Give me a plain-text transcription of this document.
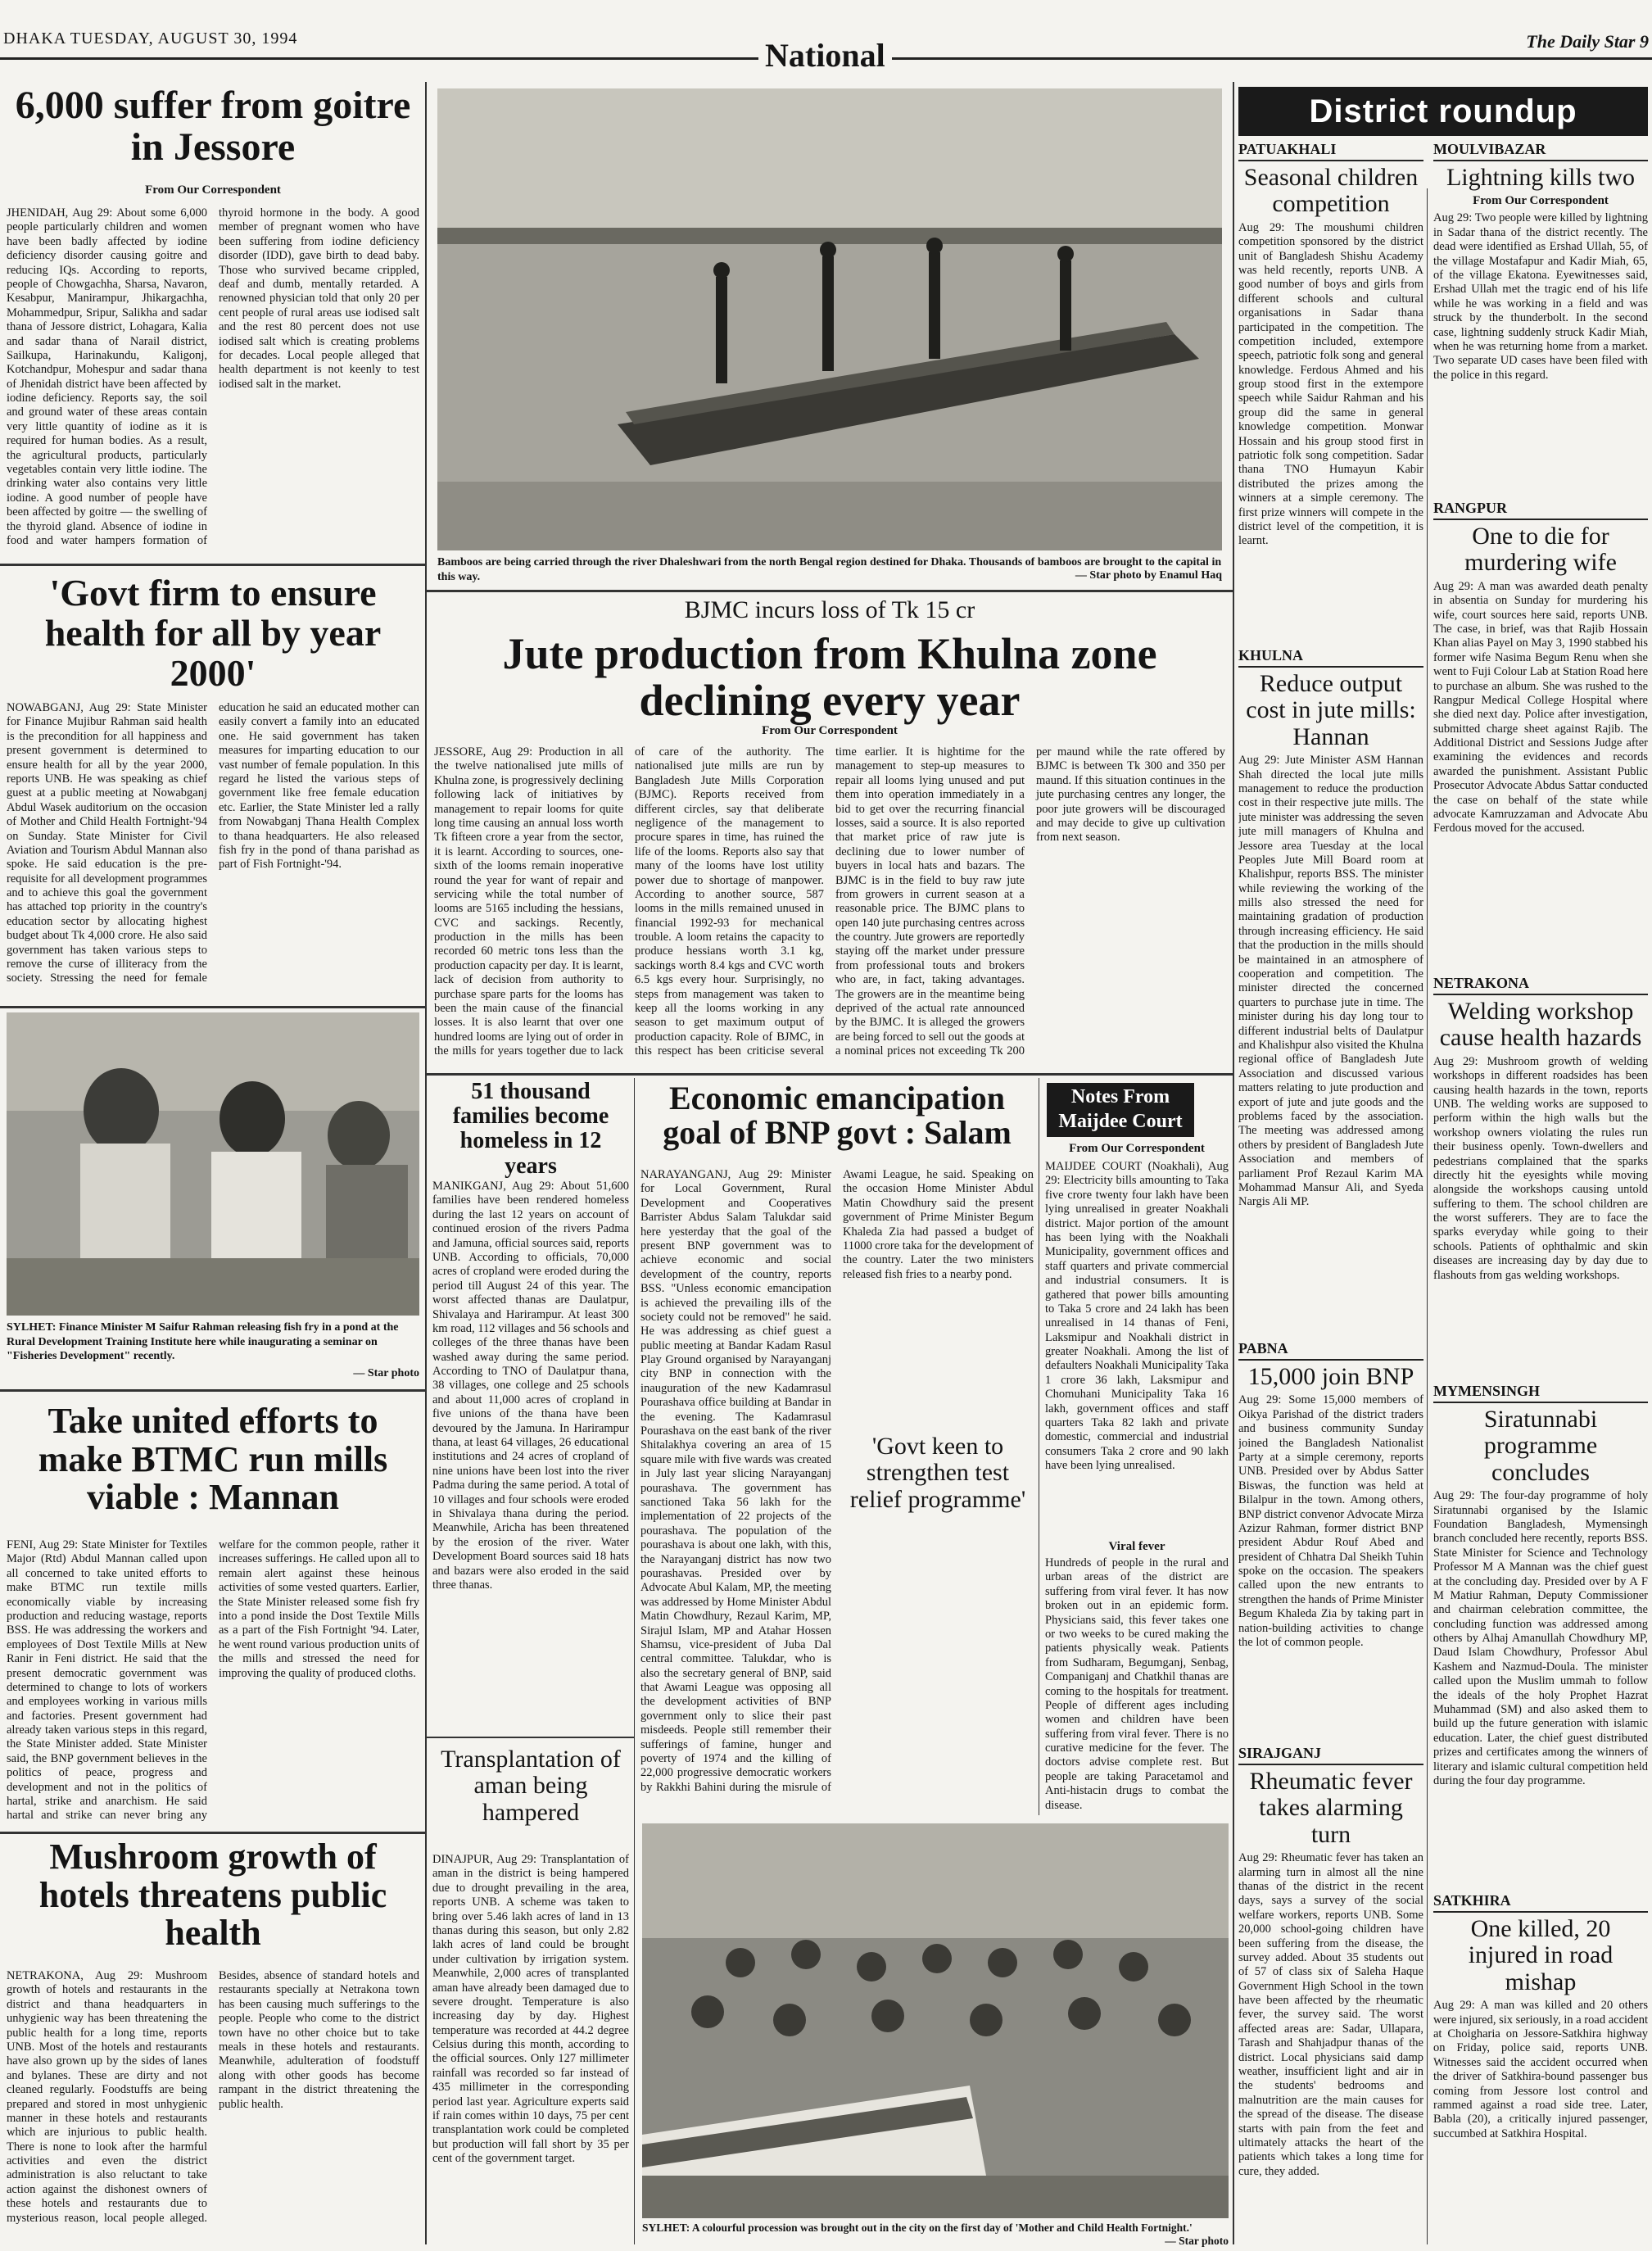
DHAKA TUESDAY, AUGUST 30, 1994	National	The Daily Star 9
6,000 suffer from goitre in Jessore
From Our Correspondent
JHENIDAH, Aug 29: About some 6,000 people particularly children and women have been badly affected by iodine deficiency disorder causing goitre and reducing IQs. According to reports, people of Chowgachha, Sharsa, Navaron, Kesabpur, Manirampur, Jhikargachha, Mohammedpur, Sripur, Salikha and sadar thana of Jessore district, Lohagara, Kalia and sadar thana of Narail district, Sailkupa, Harinakundu, Kaligonj, Kotchandpur, Mohespur and sadar thana of Jhenidah district have been affected by iodine deficiency. Reports say, the soil and ground water of these areas contain very little quantity of iodine as it is required for human bodies. As a result, the agricultural products, particularly vegetables contain very little iodine. The drinking water also contains very little iodine. A good number of people have been affected by goitre — the swelling of the thyroid gland. Absence of iodine in food and water hampers formation of thyroid hormone in the body. A good member of pregnant women who have been suffering from iodine deficiency disorder (IDD), gave birth to dead baby. Those who survived became crippled, deaf and dumb, mentally retarded. A renowned physician told that only 20 per cent people of rural areas use iodised salt and the rest 80 percent does not use iodised salt which is creating problems for decades. Local people alleged that health department is not keenly to test iodised salt in the market.
'Govt firm to ensure health for all by year 2000'
NOWABGANJ, Aug 29: State Minister for Finance Mujibur Rahman said health is the precondition for all happiness and present government is determined to ensure health for all by the year 2000, reports UNB. He was speaking as chief guest at a public meeting at Nowabganj Abdul Wasek auditorium on the occasion of Mother and Child Health Fortnight-'94 on Sunday. State Minister for Civil Aviation and Tourism Abdul Mannan also spoke. He said education is the pre-requisite for all development programmes and to achieve this goal the government has attached top priority in the country's education sector by allocating highest budget about Tk 4,000 crore. He also said government has taken various steps to remove the curse of illiteracy from the society. Stressing the need for female education he said an educated mother can easily convert a family into an educated one. He said government has taken measures for imparting education to our vast number of female population. In this regard he listed the various steps of government like free female education etc. Earlier, the State Minister led a rally from Nowabganj Thana Health Complex to thana headquarters. He also released fish fry in the pond of thana parishad as part of Fish Fortnight-'94.
SYLHET: Finance Minister M Saifur Rahman releasing fish fry in a pond at the Rural Development Training Institute here while inaugurating a seminar on "Fisheries Development" recently.
— Star photo
Take united efforts to make BTMC run mills viable : Mannan
FENI, Aug 29: State Minister for Textiles Major (Rtd) Abdul Mannan called upon all concerned to take united efforts to make BTMC run textile mills economically viable by increasing production and reducing wastage, reports BSS. He was addressing the workers and employees of Dost Textile Mills at New Ranir in Feni district. He said that the present democratic government was determined to change to lots of workers and employees working in various mills and factories. Present government had already taken various steps in this regard, the State Minister added. State Minister said, the BNP government believes in the politics of peace, progress and development and not in the politics of hartal, strike and anarchism. He said hartal and strike can never bring any welfare for the common people, rather it increases sufferings. He called upon all to remain alert against these heinous activities of some vested quarters. Earlier, the State Minister released some fish fry into a pond inside the Dost Textile Mills as a part of the Fish Fortnight '94. Later, he went round various production units of the mills and stressed the need for improving the quality of produced cloths.
Mushroom growth of hotels threatens public health
NETRAKONA, Aug 29: Mushroom growth of hotels and restaurants in the district and thana headquarters in unhygienic way has been threatening the public health for a long time, reports UNB. Most of the hotels and restaurants have also grown up by the sides of lanes and bylanes. These are dirty and not cleaned regularly. Foodstuffs are being prepared and stored in most unhygienic manner in these hotels and restaurants which are injurious to public health. There is none to look after the harmful activities and even the district administration is also reluctant to take action against the dishonest owners of these hotels and restaurants due to mysterious reason, local people alleged. Besides, absence of standard hotels and restaurants specially at Netrakona town has been causing much sufferings to the people. People who come to the district town have no other choice but to take meals in these hotels and restaurants. Meanwhile, adulteration of foodstuff along with other goods has become rampant in the district threatening the public health.
Bamboos are being carried through the river Dhaleshwari from the north Bengal region destined for Dhaka. Thousands of bamboos are brought to the capital in this way.	— Star photo by Enamul Haq
BJMC incurs loss of Tk 15 cr
Jute production from Khulna zone declining every year
From Our Correspondent
JESSORE, Aug 29: Production in all the twelve nationalised jute mills of Khulna zone, is progressively declining following lack of initiatives by management to repair looms for quite long time causing an annual loss worth Tk fifteen crore a year from the sector, it is learnt. According to sources, one-sixth of the looms remain inoperative round the year for want of repair and servicing while the total number of looms are 5165 including the hessians, CVC and sackings. Recently, production in the mills has been recorded 60 metric tons less than the production capacity per day. It is learnt, lack of decision from authority to purchase spare parts for the looms has been the main cause of the financial losses. It is also learnt that over one hundred looms are lying out of order in the mills for years together due to lack of care of the authority. The nationalised jute mills are run by Bangladesh Jute Mills Corporation (BJMC). Reports received from different circles, say that deliberate negligence of the management to procure spares in time, has ruined the life of the looms. Reports also say that many of the looms have lost utility power due to shortage of manpower. According to another source, 587 looms in the mills remained unused in financial 1992-93 for mechanical trouble. A loom retains the capacity to produce hessians worth 3.1 kg, sackings worth 8.4 kgs and CVC worth 6.5 kgs every hour. Surprisingly, no steps from management was taken to keep all the looms working in any season to get maximum output of production capacity. Role of BJMC, in this respect has been criticise several time earlier. It is hightime for the management to step-up measures to repair all looms lying unused and put them into operation immediately in a bid to get over the recurring financial losses, said a source. It is also reported that market price of raw jute is declining due to lower number of buyers in local hats and bazars. The BJMC is in the field to buy raw jute from growers in current season at a reasonable price. The BJMC plans to open 140 jute purchasing centres across the country. Jute growers are reportedly staying off the market under pressure from professional touts and brokers who are, in fact, taking advantages. The growers are in the meantime being deprived of the actual rate announced by the BJMC. It is alleged the growers are being forced to sell out the goods at a nominal prices not exceeding Tk 200 per maund while the rate offered by BJMC is between Tk 300 and 350 per maund. If this situation continues in the jute purchasing centres any longer, the poor jute growers will be discouraged and may decide to give up cultivation from next season.
51 thousand families become homeless in 12 years
MANIKGANJ, Aug 29: About 51,600 families have been rendered homeless during the last 12 years on account of continued erosion of the rivers Padma and Jamuna, official sources said, reports UNB. According to officials, 70,000 acres of cropland were eroded during the period till August 24 of this year. The worst affected thanas are Daulatpur, Shivalaya and Harirampur. At least 300 km road, 112 villages and 56 schools and colleges of the three thanas have been washed away during the same period. According to TNO of Daulatpur thana, 38 villages, one college and 25 schools and about 11,000 acres of cropland in five unions of the thana have been devoured by the Jamuna. In Harirampur thana, at least 64 villages, 26 educational institutions and 24 acres of cropland of nine unions have been lost into the river Padma during the same period. A total of 10 villages and four schools were eroded in Shivalaya thana during the period. Meanwhile, Aricha has been threatened by the erosion of the river. Water Development Board sources said 18 hats and bazars were also eroded in the said three thanas.
Transplantation of aman being hampered
DINAJPUR, Aug 29: Transplantation of aman in the district is being hampered due to drought prevailing in the area, reports UNB. A scheme was taken to bring over 5.46 lakh acres of land in 13 thanas during this season, but only 2.82 lakh acres of land could be brought under cultivation by irrigation system. Meanwhile, 2,000 acres of transplanted aman have already been damaged due to severe drought. Temperature is also increasing day by day. Highest temperature was recorded at 44.2 degree Celsius during this month, according to the official sources. Only 127 millimeter rainfall was recorded so far instead of 435 millimeter in the corresponding period last year. Agriculture experts said if rain comes within 10 days, 75 per cent transplantation work could be completed but production will fall short by 35 per cent of the government target.
Economic emancipation goal of BNP govt : Salam
NARAYANGANJ, Aug 29: Minister for Local Government, Rural Development and Cooperatives Barrister Abdus Salam Talukdar said here yesterday that the goal of the present BNP government was to achieve economic and social development of the country, reports BSS. "Unless economic emancipation is achieved the prevailing ills of the society could not be removed" he said. He was addressing as chief guest a public meeting at Bandar Kadam Rasul Play Ground organised by Narayanganj city BNP in connection with the inauguration of the new Kadamrasul Pourashava office building at Bandar in the evening. The Kadamrasul Pourashava on the east bank of the river Shitalakhya covering an area of 15 square mile with five wards was created in July last year slicing Narayanganj pourashava. The government has sanctioned Taka 56 lakh for the implementation of 22 projects of the pourashava. The population of the pourashava is about one lakh, with this, the Narayanganj district has now two pourashavas. Presided over by Advocate Abul Kalam, MP, the meeting was addressed by Home Minister Abdul Matin Chowdhury, Rezaul Karim, MP, Sirajul Islam, MP and Atahar Hossen Shamsu, vice-president of Juba Dal central committee. Talukdar, who is also the secretary general of BNP, said that Awami League was opposing all the development activities of BNP government only to slice their past misdeeds. People still remember their sufferings of famine, hunger and poverty of 1974 and the killing of 22,000 progressive democratic workers by Rakkhi Bahini during the misrule of Awami League, he said. Speaking on the occasion Home Minister Abdul Matin Chowdhury said the present government of Prime Minister Begum Khaleda Zia had passed a budget of 11000 crore taka for the development of the country. Later the two ministers released fish fries to a nearby pond.
Notes From Maijdee Court
From Our Correspondent
MAIJDEE COURT (Noakhali), Aug 29: Electricity bills amounting to Taka five crore twenty four lakh have been lying unrealised in greater Noakhali district. Major portion of the amount has been lying with the Noakhali Municipality, government offices and staff quarters and private commercial and industrial consumers. It is gathered that power bills amounting to Taka 5 crore and 24 lakh has been unrealised in 14 thanas of Feni, Laksmipur and Noakhali district in greater Noakhali. Among the list of defaulters Noakhali Municipality Taka 1 crore 36 lakh, Laksmipur and Chomuhani Municipality Taka 16 lakh, government offices and staff quarters Taka 82 lakh and private domestic, commercial and industrial consumers Taka 2 crore and 90 lakh have been lying unrealised.
Viral fever
Hundreds of people in the rural and urban areas of the district are suffering from viral fever. It has now broken out in an epidemic form. Physicians said, this fever takes one or two weeks to be cured making the patients physically weak. Patients from Sudharam, Begumganj, Senbag, Companiganj and Chatkhil thanas are coming to the hospitals for treatment. People of different ages including women and children have been suffering from viral fever. There is no curative medicine for the fever. The doctors advise complete rest. But people are taking Paracetamol and Anti-histacin drugs to combat the disease.
'Govt keen to strengthen test relief programme'
SYLHET: A colourful procession was brought out in the city on the first day of 'Mother and Child Health Fortnight.'
— Star photo
District roundup
PATUAKHALI
Seasonal children competition
Aug 29: The moushumi children competition sponsored by the district unit of Bangladesh Shishu Academy was held recently, reports UNB. A good number of boys and girls from different schools and cultural organisations in Sadar thana participated in the competition. The competition included, extempore speech, patriotic folk song and general knowledge. Ferdous Ahmed and his group stood first in the extempore speech while Saidur Rahman and his group did the same in general knowledge competition. Monwar Hossain and his group stood first in patriotic folk song competition. Sadar thana TNO Humayun Kabir distributed the prizes among the winners at a simple ceremony. The first prize winners will compete in the district level of the competition, it is learnt.
KHULNA
Reduce output cost in jute mills: Hannan
Aug 29: Jute Minister ASM Hannan Shah directed the local jute mills management to reduce the production cost in their respective jute mills. The jute minister was addressing the seven jute mill managers of Khulna and Jessore area Tuesday at the local Peoples Jute Mill Board room at Khalishpur, reports BSS. The minister while reviewing the working of the mills also stressed the need for maintaining gradation of production through increasing efficiency. He said that the production in the mills should be maintained in an atmosphere of cooperation and competition. The minister directed the concerned quarters to purchase jute in time. The minister during his day long tour to different industrial belts of Daulatpur and Khalishpur also visited the Khulna regional office of Bangladesh Jute Association and discussed various matters relating to jute production and export of jute and jute goods and the problems faced by the association. The meeting was addressed among others by president of Bangladesh Jute Association and members of parliament Prof Rezaul Karim MA Mohammad Mansur Ali, and Syeda Nargis Ali MP.
PABNA
15,000 join BNP
Aug 29: Some 15,000 members of Oikya Parishad of the district traders and business community Sunday joined the Bangladesh Nationalist Party at a simple ceremony, reports UNB. Presided over by Abdus Satter Biswas, the function was held at Bilalpur in the town. Among others, BNP district convenor Advocate Mirza Azizur Rahman, former district BNP president Abdur Rouf Abed and president of Chhatra Dal Sheikh Tuhin spoke on the occasion. The speakers called upon the new entrants to strengthen the hands of Prime Minister Begum Khaleda Zia by taking part in nation-building activities to change the lot of common people.
SIRAJGANJ
Rheumatic fever takes alarming turn
Aug 29: Rheumatic fever has taken an alarming turn in almost all the nine thanas of the district in the recent days, says a survey of the social welfare workers, reports UNB. Some 20,000 school-going children have been suffering from the disease, the survey added. About 35 students out of 57 of class six of Saleha Haque Government High School in the town have been affected by the rheumatic fever, the survey said. The worst affected areas are: Sadar, Ullapara, Tarash and Shahjadpur thanas of the district. Local physicians said damp weather, insufficient light and air in the students' bedrooms and malnutrition are the main causes for the spread of the disease. The disease starts with pain from the feet and ultimately attacks the heart of the patients which takes a long time for cure, they added.
MOULVIBAZAR
Lightning kills two
From Our Correspondent
Aug 29: Two people were killed by lightning in Sadar thana of the district recently. The dead were identified as Ershad Ullah, 55, of the village Mostafapur and Kadir Miah, 65, of the village Ekatona. Eyewitnesses said, Ershad Ullah met the tragic end of his life while he was working in a field and was struck by the thunderbolt. In the second case, lightning suddenly struck Kadir Miah, when he was returning home from a market. Two separate UD cases have been filed with the police in this regard.
RANGPUR
One to die for murdering wife
Aug 29: A man was awarded death penalty in absentia on Sunday for murdering his wife, court sources here said, reports UNB. The case, in brief, was that Rajib Hossain Khan alias Payel on May 3, 1990 stabbed his former wife Nasima Begum Renu when she went to Fuji Colour Lab at Station Road here to purchase an album. She was rushed to the Rangpur Medical College Hospital where she died next day. Police after investigation, submitted charge sheet against Rajib. The Additional District and Sessions Judge after examining the evidences and records awarded the punishment. Assistant Public Prosecutor Advocate Abdus Sattar conducted the case on behalf of the state while advocate Kamruzzaman and Advocate Abu Ferdous moved for the accused.
NETRAKONA
Welding workshop cause health hazards
Aug 29: Mushroom growth of welding workshops in different roadsides has been causing health hazards in the town, reports UNB. The welding works are supposed to perform within the high walls but the workshop owners violating the rules run their business openly. Town-dwellers and pedestrians complained that the sparks directly hit the eyesights while moving alongside the workshops causing untold suffering to them. The school children are the worst sufferers. They are to face the sparks everyday while going to their schools. Patients of ophthalmic and skin diseases are increasing day by day due to flashouts from gas welding workshops.
MYMENSINGH
Siratunnabi programme concludes
Aug 29: The four-day programme of holy Siratunnabi organised by the Islamic Foundation Bangladesh, Mymensingh branch concluded here recently, reports BSS. State Minister for Science and Technology Professor M A Mannan was the chief guest at the concluding day. Presided over by A F M Matiur Rahman, Deputy Commissioner and chairman celebration committee, the concluding function was addressed among others by Alhaj Amanullah Chowdhury MP, Daud Islam Chowdhury, Professor Abul Kashem and Nazmud-Doula. The minister called upon the Muslim ummah to follow the ideals of the holy Prophet Hazrat Muhammad (SM) and also asked them to build up the future generation with islamic education. Later, the chief guest distributed prizes and certificates among the winners of literary and islamic cultural competition held during the four day programme.
SATKHIRA
One killed, 20 injured in road mishap
Aug 29: A man was killed and 20 others were injured, six seriously, in a road accident at Choigharia on Jessore-Satkhira highway on Friday, police said, reports UNB. Witnesses said the accident occurred when the driver of Satkhira-bound passenger bus coming from Jessore lost control and rammed against a road side tree. Later, Babla (20), a critically injured passenger, succumbed at Satkhira Hospital.
